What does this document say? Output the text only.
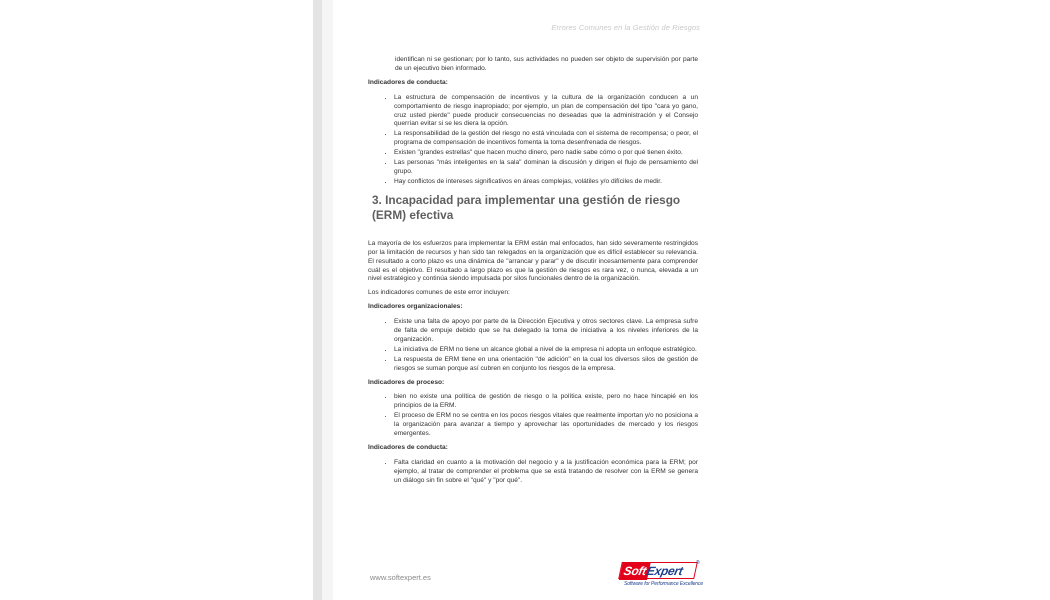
Errores Comunes en la Gestión de Riesgos

identifican ni se gestionan; por lo tanto, sus actividades no pueden ser objeto de supervisión por parte de un ejecutivo bien informado.

Indicadores de conducta:
• La estructura de compensación de incentivos y la cultura de la organización conducen a un comportamiento de riesgo inapropiado; por ejemplo, un plan de compensación del tipo "cara yo gano, cruz usted pierde" puede producir consecuencias no deseadas que la administración y el Consejo querrían evitar si se les diera la opción.
• La responsabilidad de la gestión del riesgo no está vinculada con el sistema de recompensa; o peor, el programa de compensación de incentivos fomenta la toma desenfrenada de riesgos.
• Existen "grandes estrellas" que hacen mucho dinero, pero nadie sabe cómo o por qué tienen éxito.
• Las personas "más inteligentes en la sala" dominan la discusión y dirigen el flujo de pensamiento del grupo.
• Hay conflictos de intereses significativos en áreas complejas, volátiles y/o difíciles de medir.
3. Incapacidad para implementar una gestión de riesgo (ERM) efectiva

La mayoría de los esfuerzos para implementar la ERM están mal enfocados, han sido severamente restringidos por la limitación de recursos y han sido tan relegados en la organización que es difícil establecer su relevancia. El resultado a corto plazo es una dinámica de "arrancar y parar" y de discutir incesantemente para comprender cuál es el objetivo. El resultado a largo plazo es que la gestión de riesgos es rara vez, o nunca, elevada a un nivel estratégico y continúa siendo impulsada por silos funcionales dentro de la organización.

Los indicadores comunes de este error incluyen:

Indicadores organizacionales:
• Existe una falta de apoyo por parte de la Dirección Ejecutiva y otros sectores clave. La empresa sufre de falta de empuje debido que se ha delegado la toma de iniciativa a los niveles inferiores de la organización.
• La iniciativa de ERM no tiene un alcance global a nivel de la empresa ni adopta un enfoque estratégico.
• La respuesta de ERM tiene en una orientación "de adición" en la cual los diversos silos de gestión de riesgos se suman porque así cubren en conjunto los riesgos de la empresa.
Indicadores de proceso:
• bien no existe una política de gestión de riesgo o la política existe, pero no hace hincapié en los principios de la ERM.
• El proceso de ERM no se centra en los pocos riesgos vitales que realmente importan y/o no posiciona a la organización para avanzar a tiempo y aprovechar las oportunidades de mercado y los riesgos emergentes.
Indicadores de conducta:
• Falta claridad en cuanto a la motivación del negocio y a la justificación económica para la ERM; por ejemplo, al tratar de comprender el problema que se está tratando de resolver con la ERM se genera un diálogo sin fin sobre el "qué" y "por qué".
www.softexpert.es	SoftExpert
®
Software for Performance Excellence
